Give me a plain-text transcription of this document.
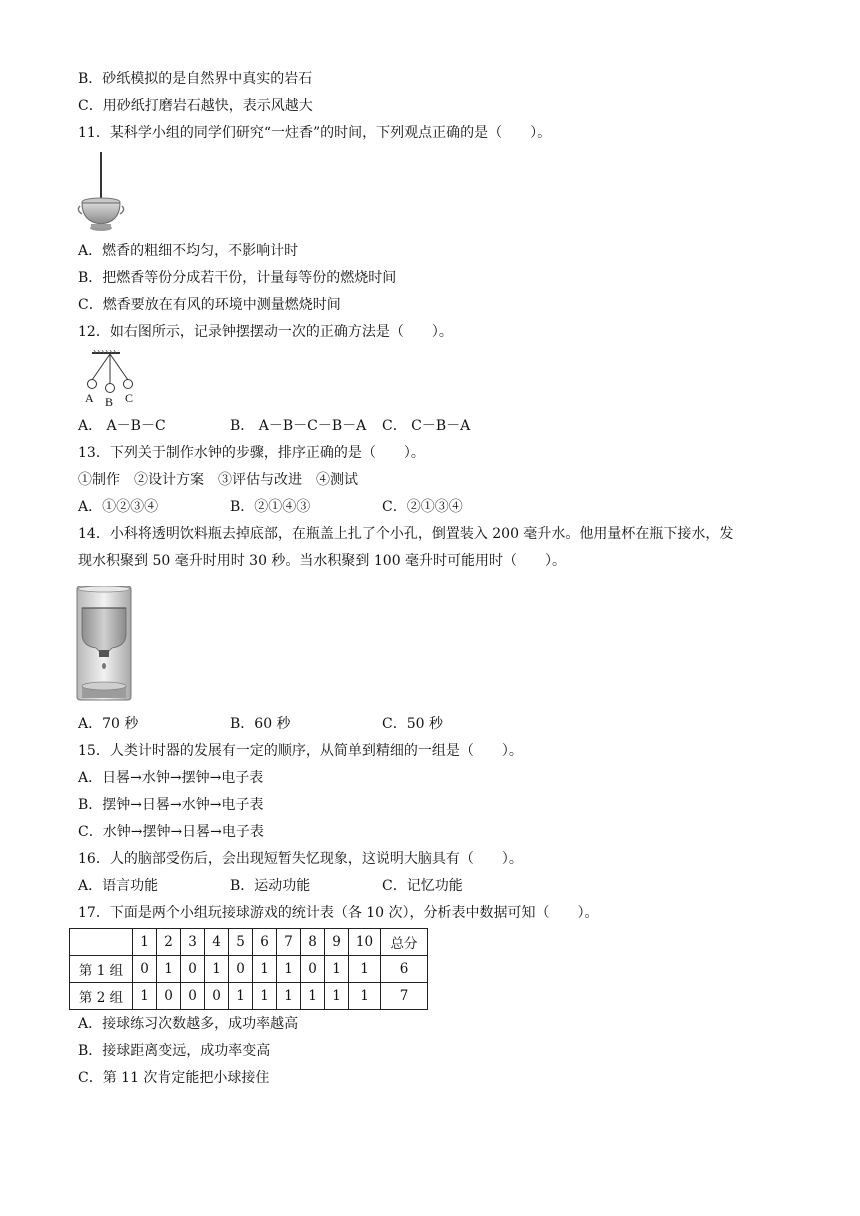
B．砂纸模拟的是自然界中真实的岩石
C．用砂纸打磨岩石越快，表示风越大
11．某科学小组的同学们研究“一炷香”的时间，下列观点正确的是（　　）。
A．燃香的粗细不均匀，不影响计时
B．把燃香等份分成若干份，计量每等份的燃烧时间
C．燃香要放在有风的环境中测量燃烧时间
12．如右图所示，记录钟摆摆动一次的正确方法是（　　）。
A B C
A． A－B－C	B． A－B－C－B－A C． C－B－A
13．下列关于制作水钟的步骤，排序正确的是（　　）。
①制作　②设计方案　③评估与改进　④测试
A．①②③④	B．②①④③	C．②①③④
14．小科将透明饮料瓶去掉底部，在瓶盖上扎了个小孔，倒置装入 200 毫升水。他用量杯在瓶下接水，发
现水积聚到 50 毫升时用时 30 秒。当水积聚到 100 毫升时可能用时（　　）。
A．70 秒	B．60 秒	C．50 秒
15．人类计时器的发展有一定的顺序，从简单到精细的一组是（　　）。
A．日晷→水钟→摆钟→电子表
B．摆钟→日晷→水钟→电子表
C．水钟→摆钟→日晷→电子表
16．人的脑部受伤后，会出现短暂失忆现象，这说明大脑具有（　　）。
A．语言功能	B．运动功能	C．记忆功能
17．下面是两个小组玩接球游戏的统计表（各 10 次），分析表中数据可知（　　）。
	1	2	3	4	5	6	7	8	9	10	总分
第 1 组	0	1	0	1	0	1	1	0	1	1	6
第 2 组	1	0	0	0	1	1	1	1	1	1	7
A．接球练习次数越多，成功率越高
B．接球距离变远，成功率变高
C．第 11 次肯定能把小球接住
